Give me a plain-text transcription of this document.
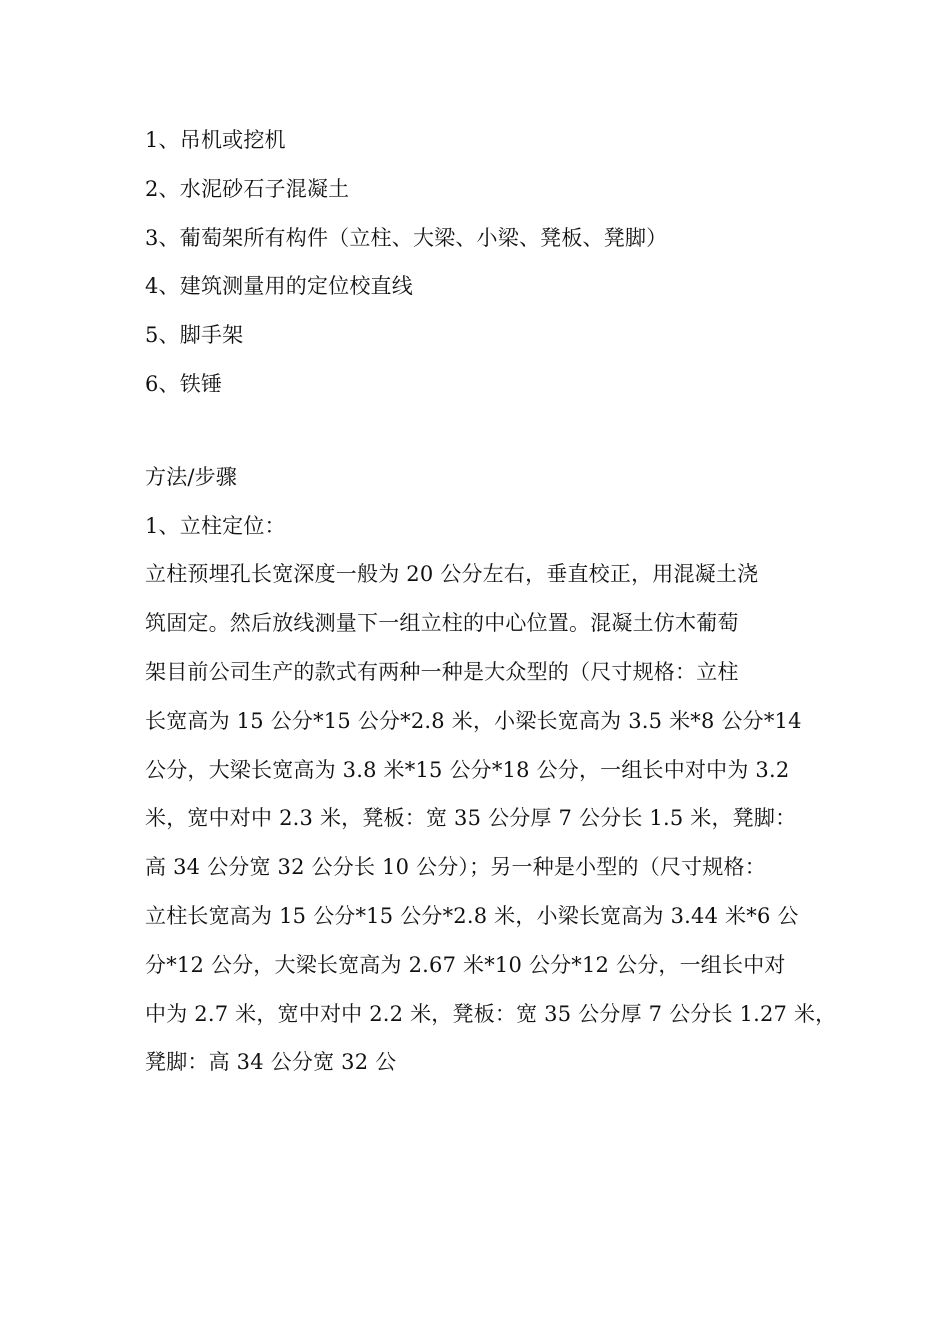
1、吊机或挖机
2、水泥砂石子混凝土
3、葡萄架所有构件（立柱、大梁、小梁、凳板、凳脚）
4、建筑测量用的定位校直线
5、脚手架
6、铁锤
方法/步骤
1、立柱定位：
立柱预埋孔长宽深度一般为 20 公分左右，垂直校正，用混凝土浇
筑固定。然后放线测量下一组立柱的中心位置。混凝土仿木葡萄
架目前公司生产的款式有两种一种是大众型的（尺寸规格：立柱
长宽高为 15 公分*15 公分*2.8 米，小梁长宽高为 3.5 米*8 公分*14
公分，大梁长宽高为 3.8 米*15 公分*18 公分，一组长中对中为 3.2
米，宽中对中 2.3 米，凳板：宽 35 公分厚 7 公分长 1.5 米，凳脚：
高 34 公分宽 32 公分长 10 公分）；另一种是小型的（尺寸规格：
立柱长宽高为 15 公分*15 公分*2.8 米，小梁长宽高为 3.44 米*6 公
分*12 公分，大梁长宽高为 2.67 米*10 公分*12 公分，一组长中对
中为 2.7 米，宽中对中 2.2 米，凳板：宽 35 公分厚 7 公分长 1.27 米，
凳脚：高 34 公分宽 32 公
